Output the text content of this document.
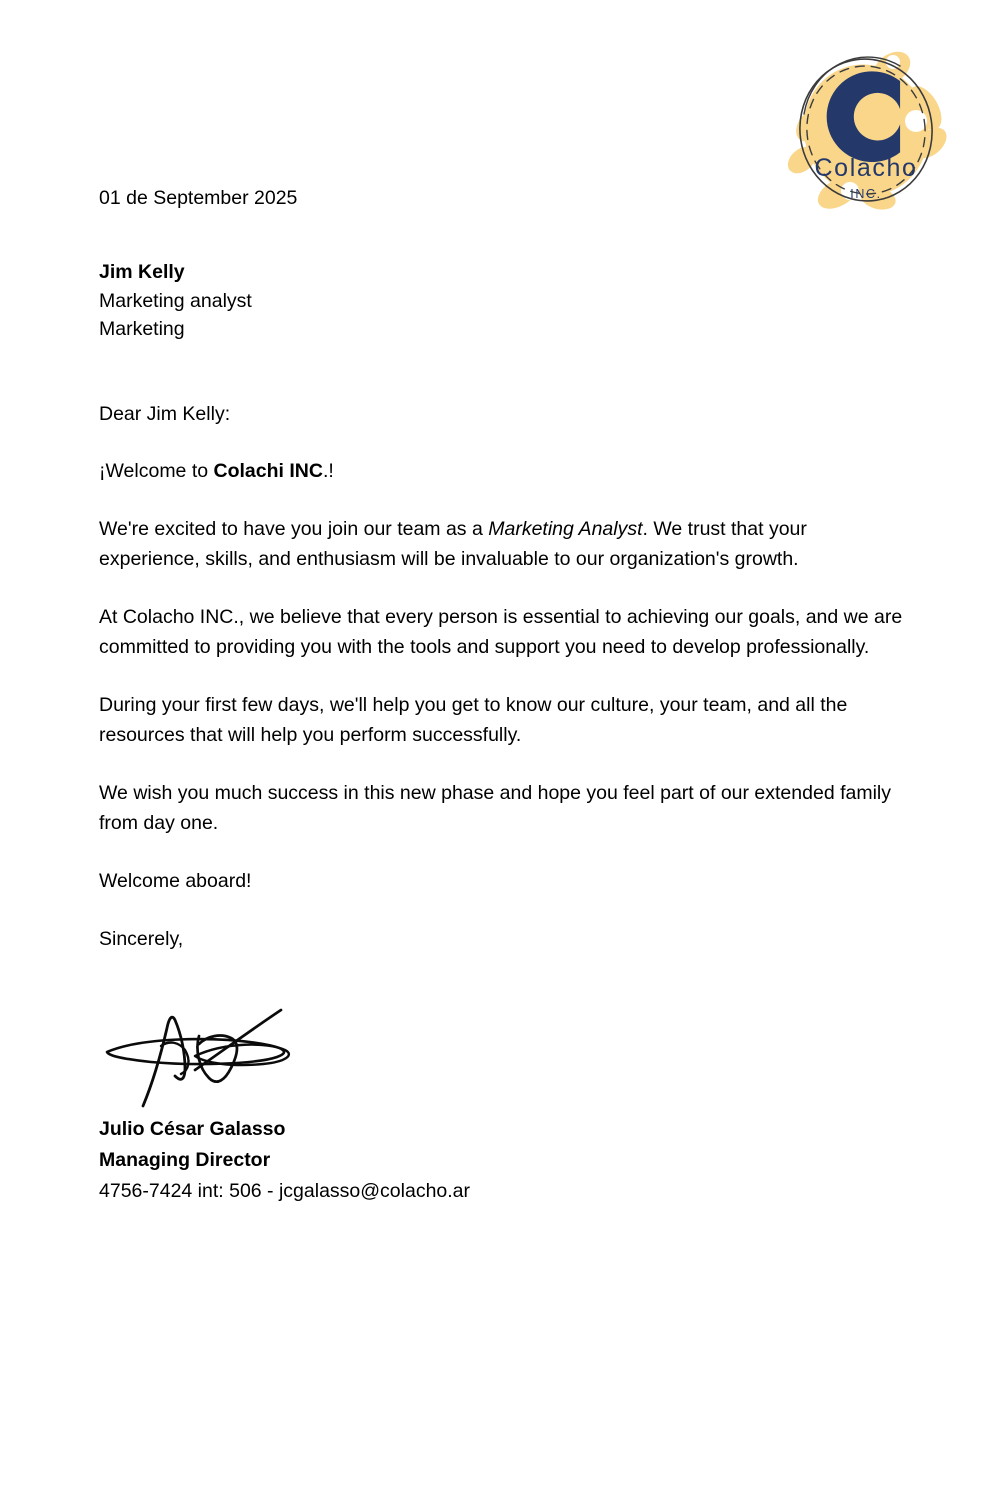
Colacho
INC.
01 de September 2025
Jim Kelly
Marketing analyst
Marketing
Dear Jim Kelly:

¡Welcome to Colachi INC.!

We're excited to have you join our team as a Marketing Analyst. We trust that your experience, skills, and enthusiasm will be invaluable to our organization's growth.

At Colacho INC., we believe that every person is essential to achieving our goals, and we are committed to providing you with the tools and support you need to develop professionally.

During your first few days, we'll help you get to know our culture, your team, and all the resources that will help you perform successfully.

We wish you much success in this new phase and hope you feel part of our extended family from day one.

Welcome aboard!

Sincerely,

Julio César Galasso
Managing Director
4756-7424 int: 506 - jcgalasso@colacho.ar
